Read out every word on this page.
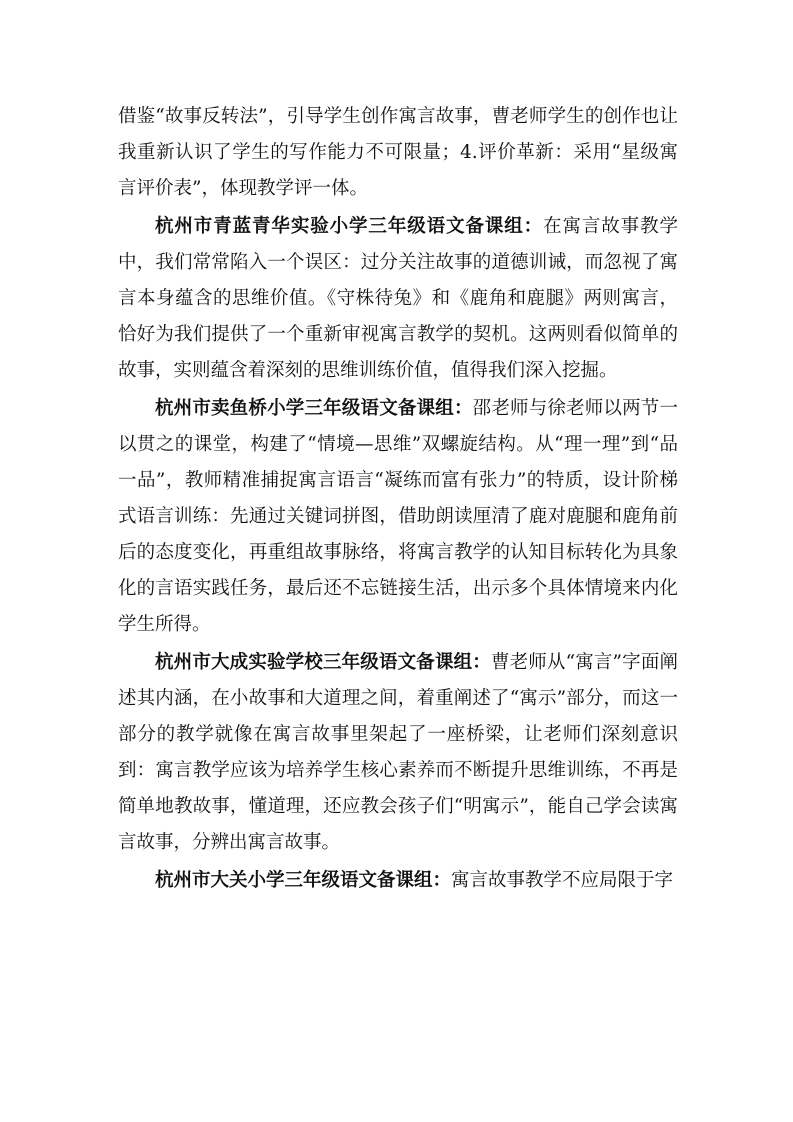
借鉴“故事反转法”，引导学生创作寓言故事，曹老师学生的创作也让我重新认识了学生的写作能力不可限量；4.评价革新：采用“星级寓言评价表”，体现教学评一体。

杭州市青蓝青华实验小学三年级语文备课组：在寓言故事教学中，我们常常陷入一个误区：过分关注故事的道德训诫，而忽视了寓言本身蕴含的思维价值。《守株待兔》和《鹿角和鹿腿》两则寓言，恰好为我们提供了一个重新审视寓言教学的契机。这两则看似简单的故事，实则蕴含着深刻的思维训练价值，值得我们深入挖掘。

杭州市卖鱼桥小学三年级语文备课组：邵老师与徐老师以两节一以贯之的课堂，构建了“情境—思维”双螺旋结构。从“理一理”到“品一品”，教师精准捕捉寓言语言“凝练而富有张力”的特质，设计阶梯式语言训练：先通过关键词拼图，借助朗读厘清了鹿对鹿腿和鹿角前后的态度变化，再重组故事脉络，将寓言教学的认知目标转化为具象化的言语实践任务，最后还不忘链接生活，出示多个具体情境来内化学生所得。

杭州市大成实验学校三年级语文备课组：曹老师从“寓言”字面阐述其内涵，在小故事和大道理之间，着重阐述了“寓示”部分，而这一部分的教学就像在寓言故事里架起了一座桥梁，让老师们深刻意识到：寓言教学应该为培养学生核心素养而不断提升思维训练，不再是简单地教故事，懂道理，还应教会孩子们“明寓示”，能自己学会读寓言故事，分辨出寓言故事。

杭州市大关小学三年级语文备课组：寓言故事教学不应局限于字
